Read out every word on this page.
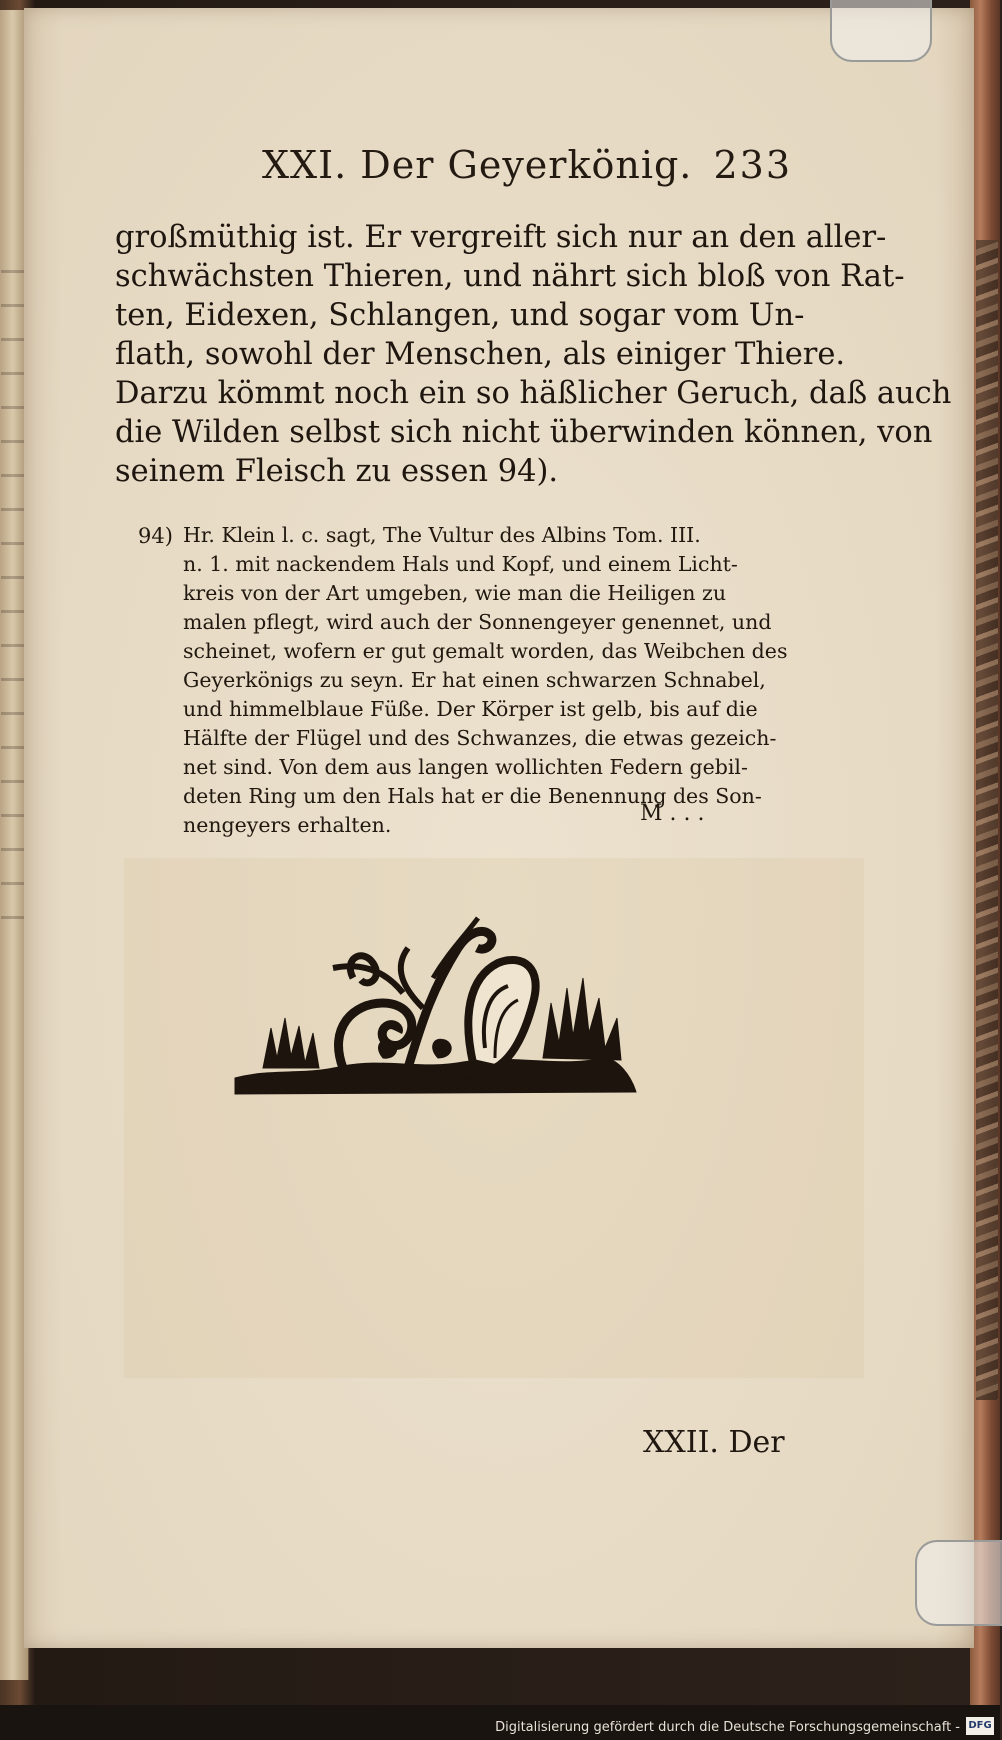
XXI. Der Geyerkönig. 233
großmüthig ist. Er vergreift sich nur an den aller-
schwächsten Thieren, und nährt sich bloß von Rat-
ten, Eidexen, Schlangen, und sogar vom Un-
flath, sowohl der Menschen, als einiger Thiere.
Darzu kömmt noch ein so häßlicher Geruch, daß auch
die Wilden selbst sich nicht überwinden können, von
seinem Fleisch zu essen 94).
94) Hr. Klein l. c. sagt, The Vultur des Albins Tom. III.
n. 1. mit nackendem Hals und Kopf, und einem Licht-
kreis von der Art umgeben, wie man die Heiligen zu
malen pflegt, wird auch der Sonnengeyer genennet, und
scheinet, wofern er gut gemalt worden, das Weibchen des
Geyerkönigs zu seyn. Er hat einen schwarzen Schnabel,
und himmelblaue Füße. Der Körper ist gelb, bis auf die
Hälfte der Flügel und des Schwanzes, die etwas gezeich-
net sind. Von dem aus langen wollichten Federn gebil-
deten Ring um den Hals hat er die Benennung des Son-
nengeyers erhalten.	M . . .
XXII. Der
Digitalisierung gefördert durch die Deutsche Forschungsgemeinschaft - DFG
